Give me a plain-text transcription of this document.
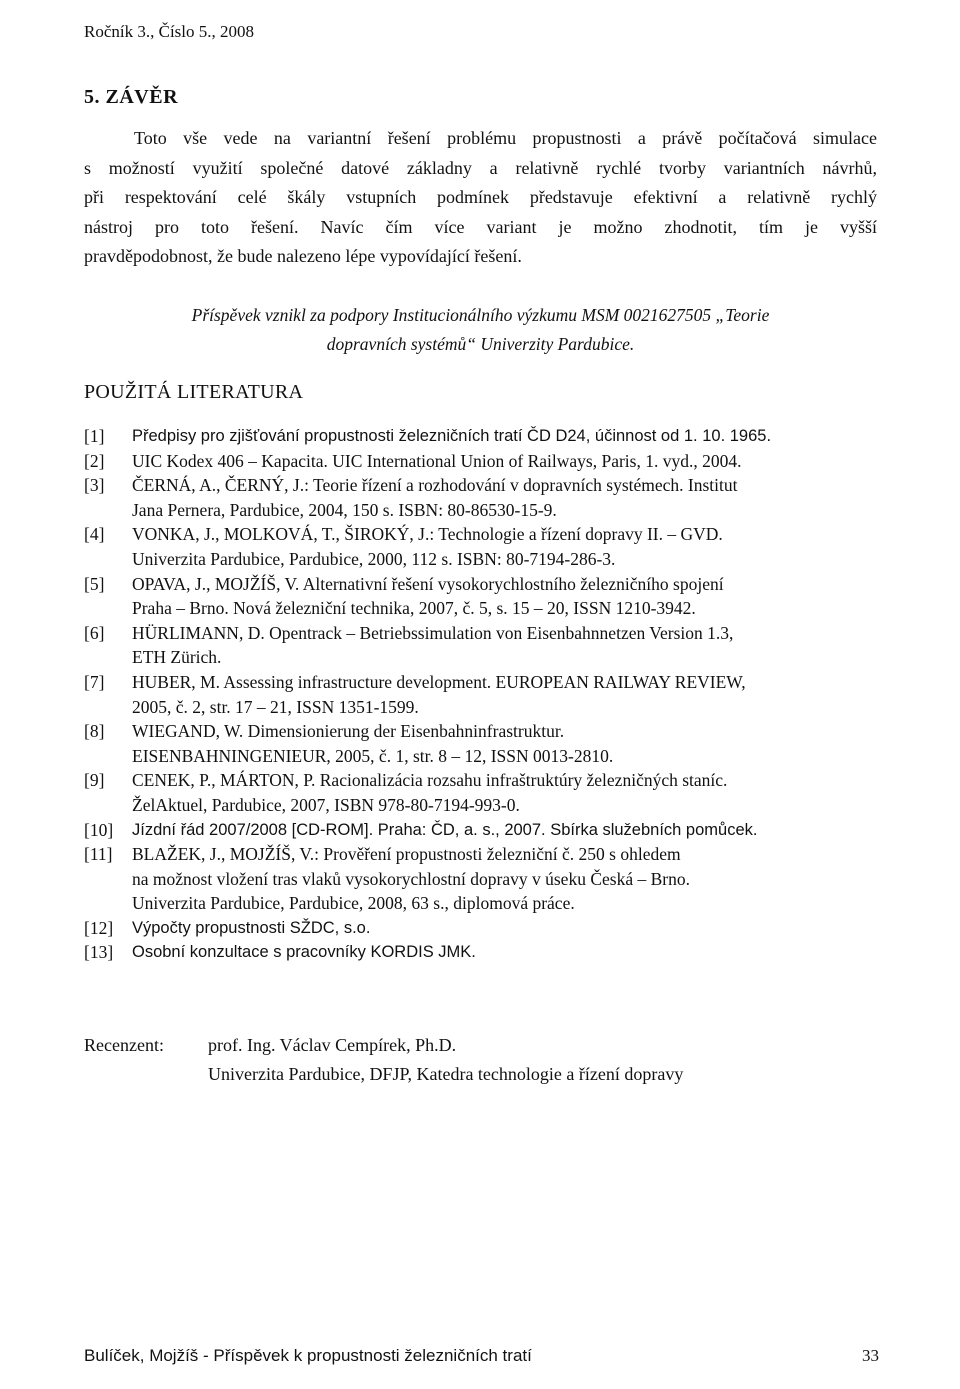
Ročník 3., Číslo 5., 2008
5. ZÁVĚR
Toto vše vede na variantní řešení problému propustnosti a právě počítačová simulace
s možností využití společné datové základny a relativně rychlé tvorby variantních návrhů,
při respektování celé škály vstupních podmínek představuje efektivní a relativně rychlý
nástroj pro toto řešení. Navíc čím více variant je možno zhodnotit, tím je vyšší
pravděpodobnost, že bude nalezeno lépe vypovídající řešení.
Příspěvek vznikl za podpory Institucionálního výzkumu MSM 0021627505 „Teorie
dopravních systémů“ Univerzity Pardubice.
POUŽITÁ LITERATURA
[1]	Předpisy pro zjišťování propustnosti železničních tratí ČD D24, účinnost od 1. 10. 1965.
[2]	UIC Kodex 406 – Kapacita. UIC International Union of Railways, Paris, 1. vyd., 2004.
[3]	ČERNÁ, A., ČERNÝ, J.: Teorie řízení a rozhodování v dopravních systémech. Institut
Jana Pernera, Pardubice, 2004, 150 s. ISBN: 80-86530-15-9.
[4]	VONKA, J., MOLKOVÁ, T., ŠIROKÝ, J.: Technologie a řízení dopravy II. – GVD.
Univerzita Pardubice, Pardubice, 2000, 112 s. ISBN: 80-7194-286-3.
[5]	OPAVA, J., MOJŽÍŠ, V. Alternativní řešení vysokorychlostního železničního spojení
Praha – Brno. Nová železniční technika, 2007, č. 5, s. 15 – 20, ISSN 1210-3942.
[6]	HÜRLIMANN, D. Opentrack – Betriebssimulation von Eisenbahnnetzen Version 1.3,
ETH Zürich.
[7]	HUBER, M. Assessing infrastructure development. EUROPEAN RAILWAY REVIEW,
2005, č. 2, str. 17 – 21, ISSN 1351-1599.
[8]	WIEGAND, W. Dimensionierung der Eisenbahninfrastruktur.
EISENBAHNINGENIEUR, 2005, č. 1, str. 8 – 12, ISSN 0013-2810.
[9]	CENEK, P., MÁRTON, P. Racionalizácia rozsahu infraštruktúry železničných staníc.
ŽelAktuel, Pardubice, 2007, ISBN 978-80-7194-993-0.
[10]	Jízdní řád 2007/2008 [CD-ROM]. Praha: ČD, a. s., 2007. Sbírka služebních pomůcek.
[11]	BLAŽEK, J., MOJŽÍŠ, V.: Prověření propustnosti železniční č. 250 s ohledem
na možnost vložení tras vlaků vysokorychlostní dopravy v úseku Česká – Brno.
Univerzita Pardubice, Pardubice, 2008, 63 s., diplomová práce.
[12]	Výpočty propustnosti SŽDC, s.o.
[13]	Osobní konzultace s pracovníky KORDIS JMK.
Recenzent: prof. Ing. Václav Cempírek, Ph.D.
Univerzita Pardubice, DFJP, Katedra technologie a řízení dopravy
Bulíček, Mojžíš - Příspěvek k propustnosti železničních tratí	33
